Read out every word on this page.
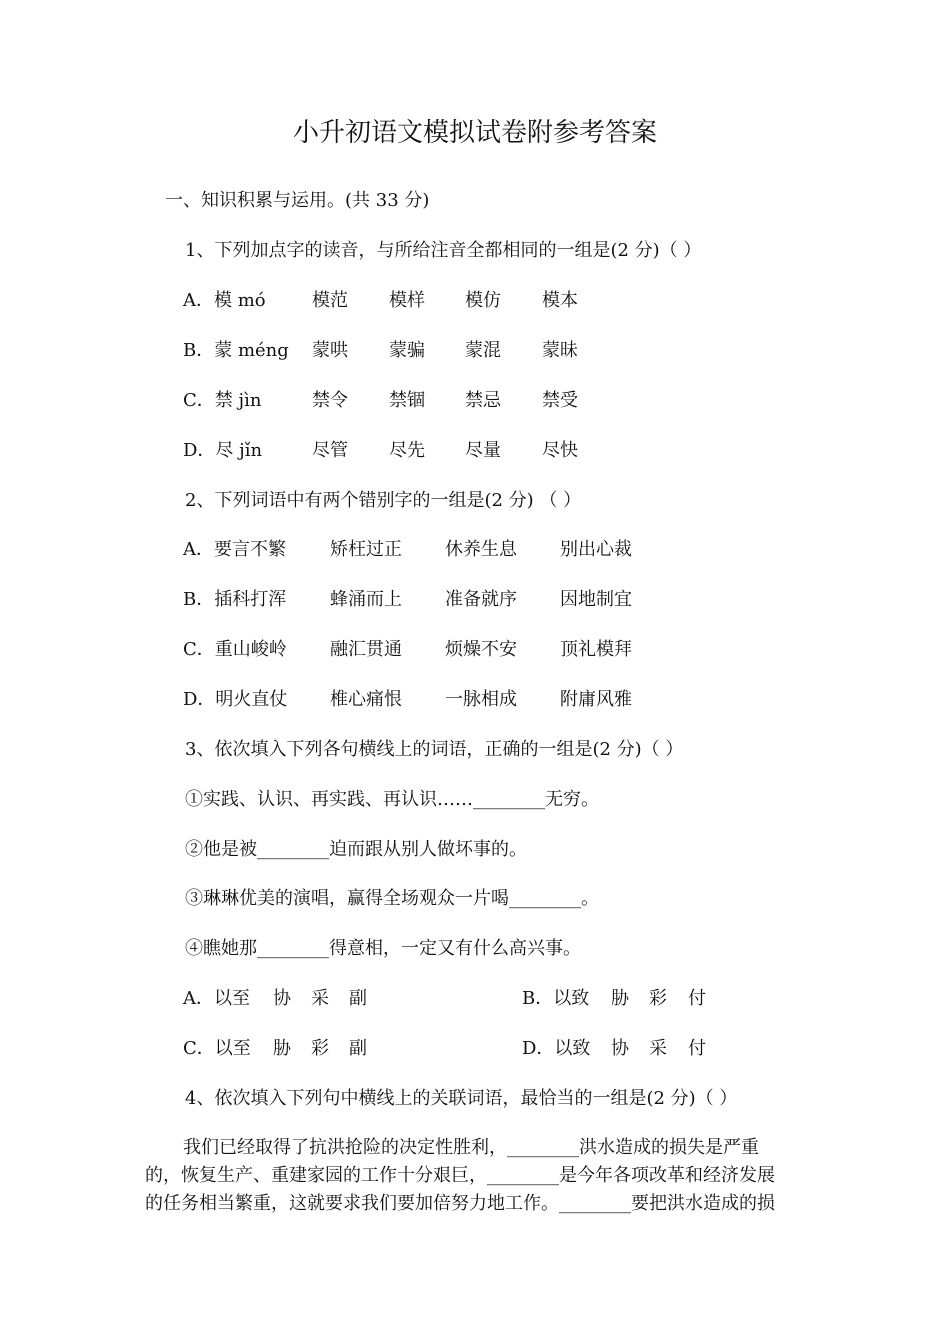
小升初语文模拟试卷附参考答案
一、知识积累与运用。(共 33 分)
1、下列加点字的读音，与所给注音全都相同的一组是(2 分)（ ）
A．模 mó	模范 模样 模仿 模本
B．蒙 méng 蒙哄 蒙骗 蒙混 蒙昧
C．禁 jìn	禁令 禁锢 禁忌 禁受
D．尽 jǐn	尽管 尽先 尽量 尽快
2、下列词语中有两个错别字的一组是(2 分) （ ）
A．要言不繁 矫枉过正 休养生息 别出心裁
B．插科打浑 蜂涌而上 准备就序 因地制宜
C．重山峻岭 融汇贯通 烦燥不安 顶礼模拜
D．明火直仗 椎心痛恨 一脉相成 附庸风雅
3、依次填入下列各句横线上的词语，正确的一组是(2 分)（ ）
①实践、认识、再实践、再认识……________无穷。
②他是被________迫而跟从别人做坏事的。
③琳琳优美的演唱，赢得全场观众一片喝________。
④瞧她那________得意相，一定又有什么高兴事。
A．以至 协 采 副	B．以致 胁 彩 付
C．以至 胁 彩 副	D．以致 协 采 付
4、依次填入下列句中横线上的关联词语，最恰当的一组是(2 分)（ ）
我们已经取得了抗洪抢险的决定性胜利，________洪水造成的损失是严重
的，恢复生产、重建家园的工作十分艰巨，________是今年各项改革和经济发展
的任务相当繁重，这就要求我们要加倍努力地工作。________要把洪水造成的损
